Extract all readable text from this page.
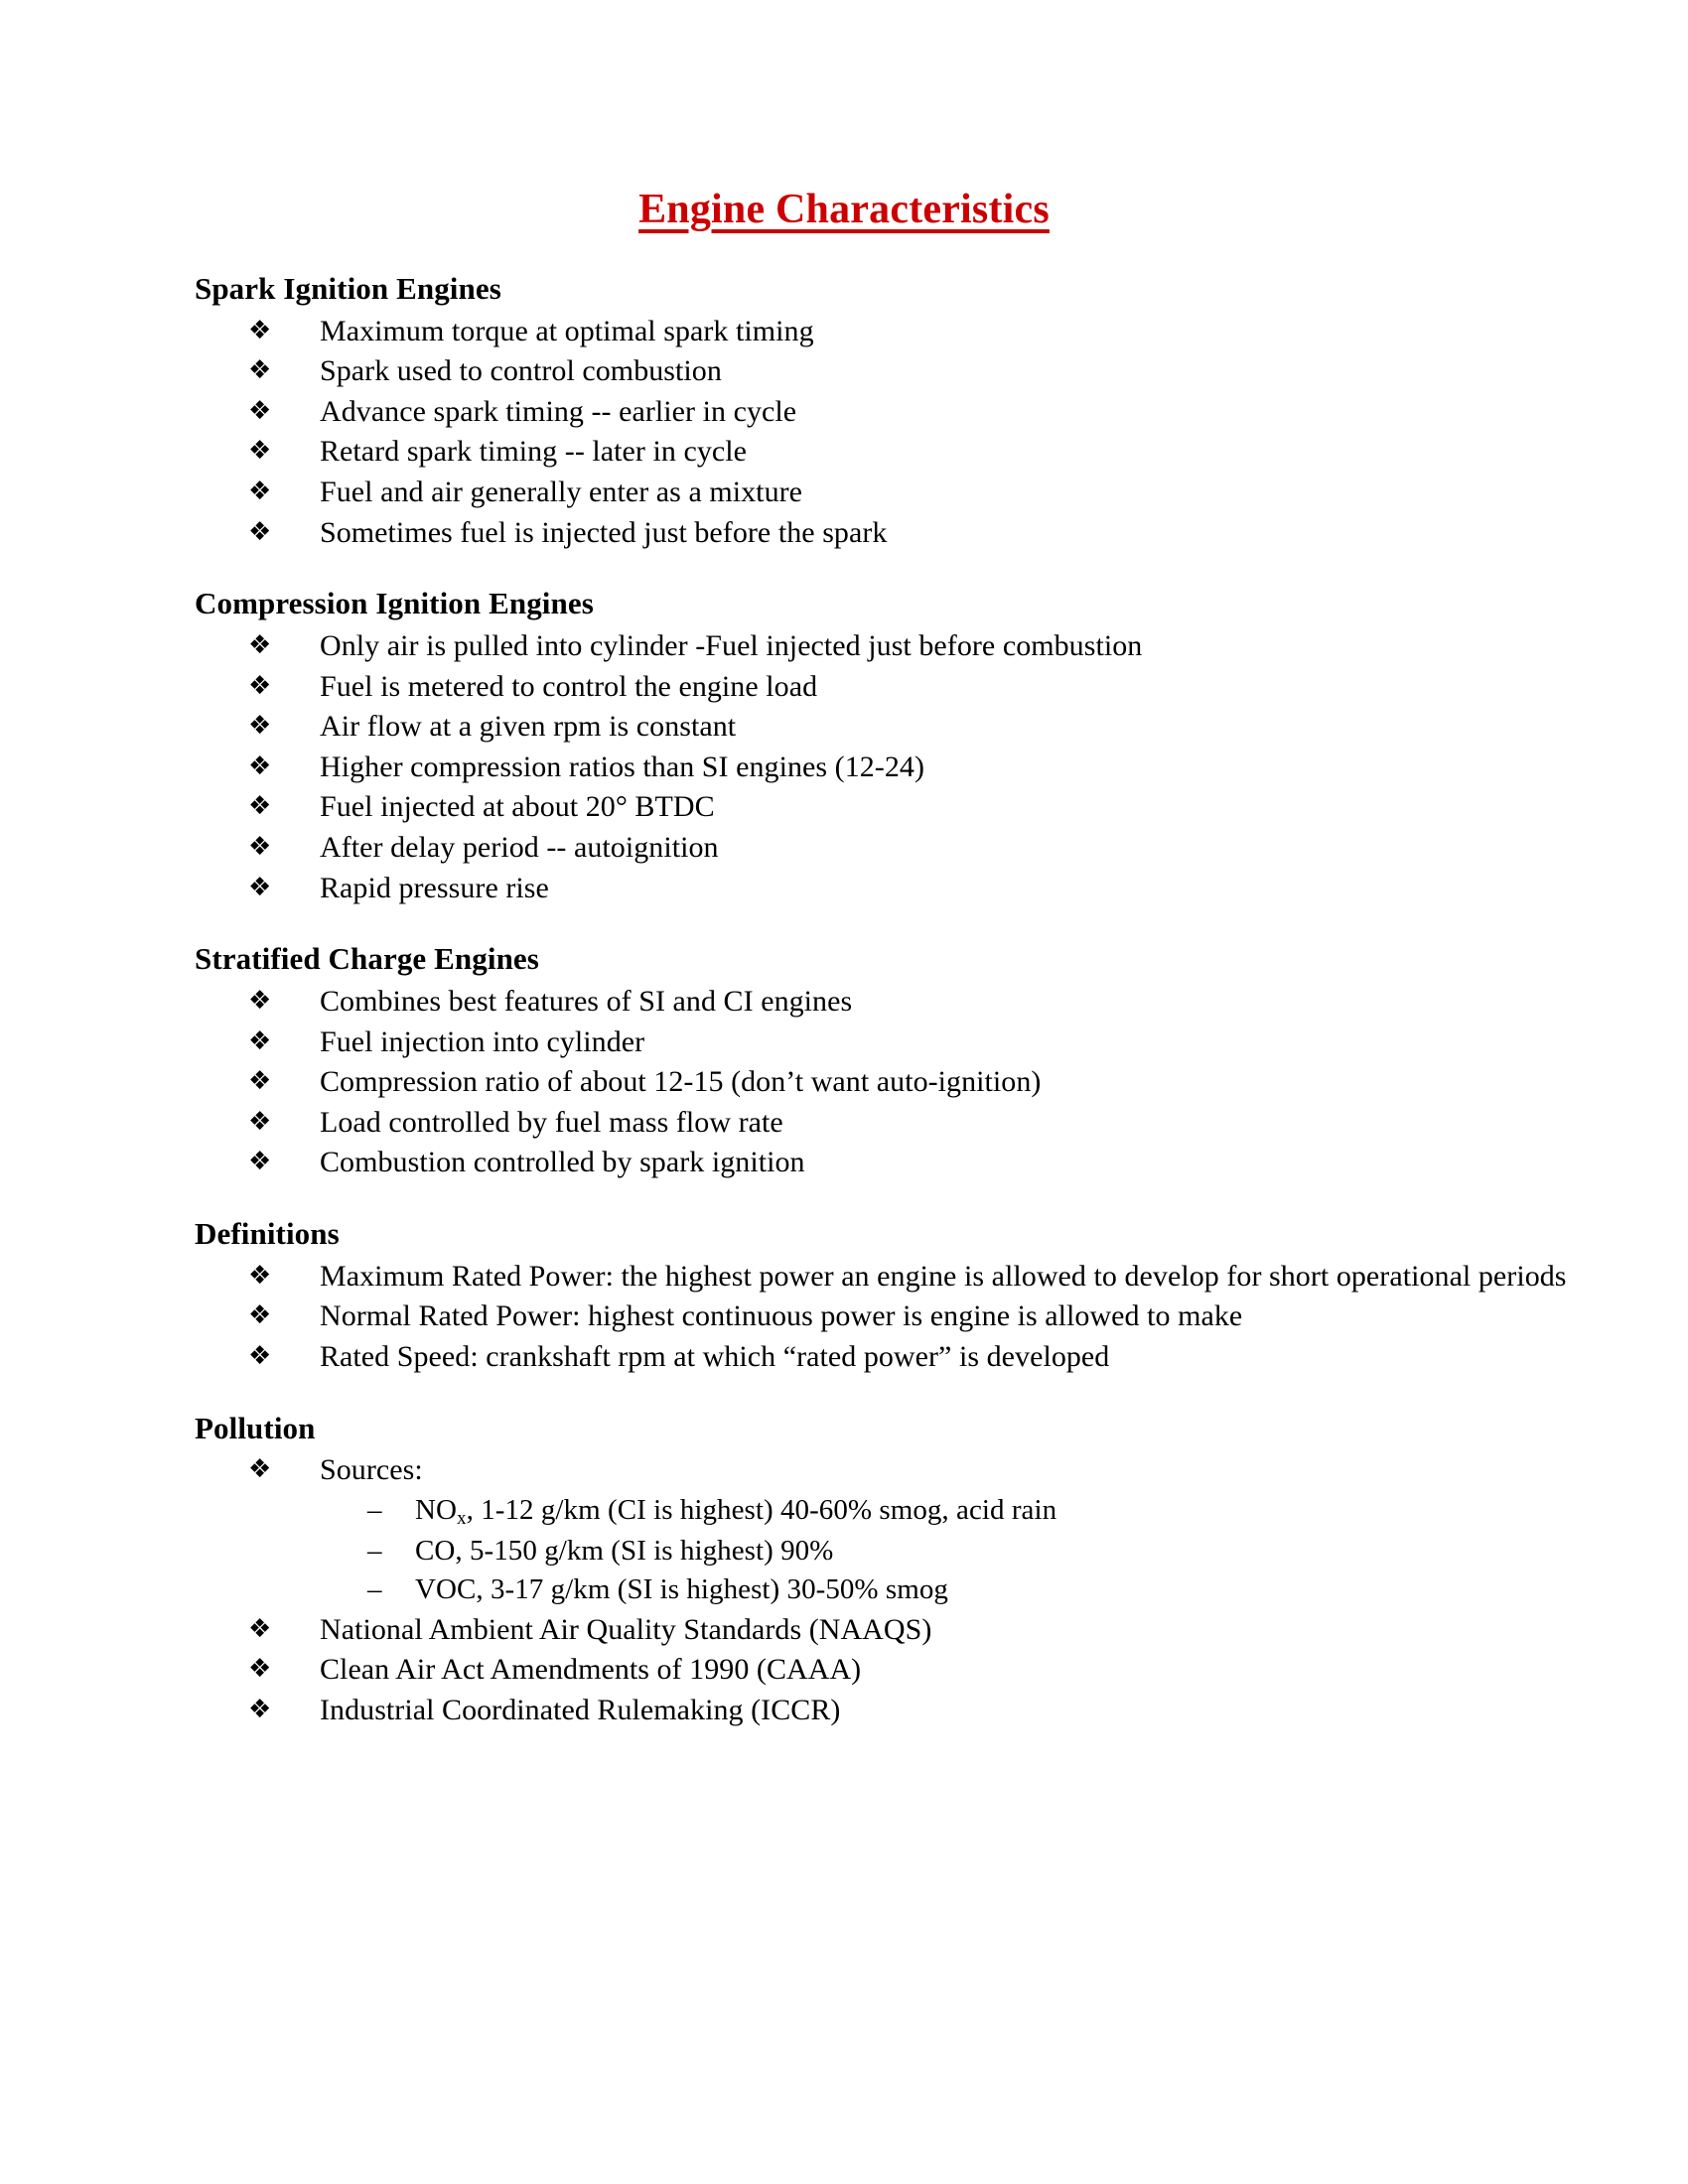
Engine Characteristics
Spark Ignition Engines
❖ Maximum torque at optimal spark timing
❖ Spark used to control combustion
❖ Advance spark timing -- earlier in cycle
❖ Retard spark timing -- later in cycle
❖ Fuel and air generally enter as a mixture
❖ Sometimes fuel is injected just before the spark
Compression Ignition Engines
❖ Only air is pulled into cylinder -Fuel injected just before combustion
❖ Fuel is metered to control the engine load
❖ Air flow at a given rpm is constant
❖ Higher compression ratios than SI engines (12-24)
❖ Fuel injected at about 20° BTDC
❖ After delay period -- autoignition
❖ Rapid pressure rise
Stratified Charge Engines
❖ Combines best features of SI and CI engines
❖ Fuel injection into cylinder
❖ Compression ratio of about 12-15 (don’t want auto-ignition)
❖ Load controlled by fuel mass flow rate
❖ Combustion controlled by spark ignition
Definitions
❖ Maximum Rated Power: the highest power an engine is allowed to develop for short operational periods
❖ Normal Rated Power: highest continuous power is engine is allowed to make
❖ Rated Speed: crankshaft rpm at which “rated power” is developed
Pollution
❖ Sources:
– $NO_x$, 1-12 g/km (CI is highest) 40-60% smog, acid rain
– CO, 5-150 g/km (SI is highest) 90%
– VOC, 3-17 g/km (SI is highest) 30-50% smog
❖ National Ambient Air Quality Standards (NAAQS)
❖ Clean Air Act Amendments of 1990 (CAAA)
❖ Industrial Coordinated Rulemaking (ICCR)
